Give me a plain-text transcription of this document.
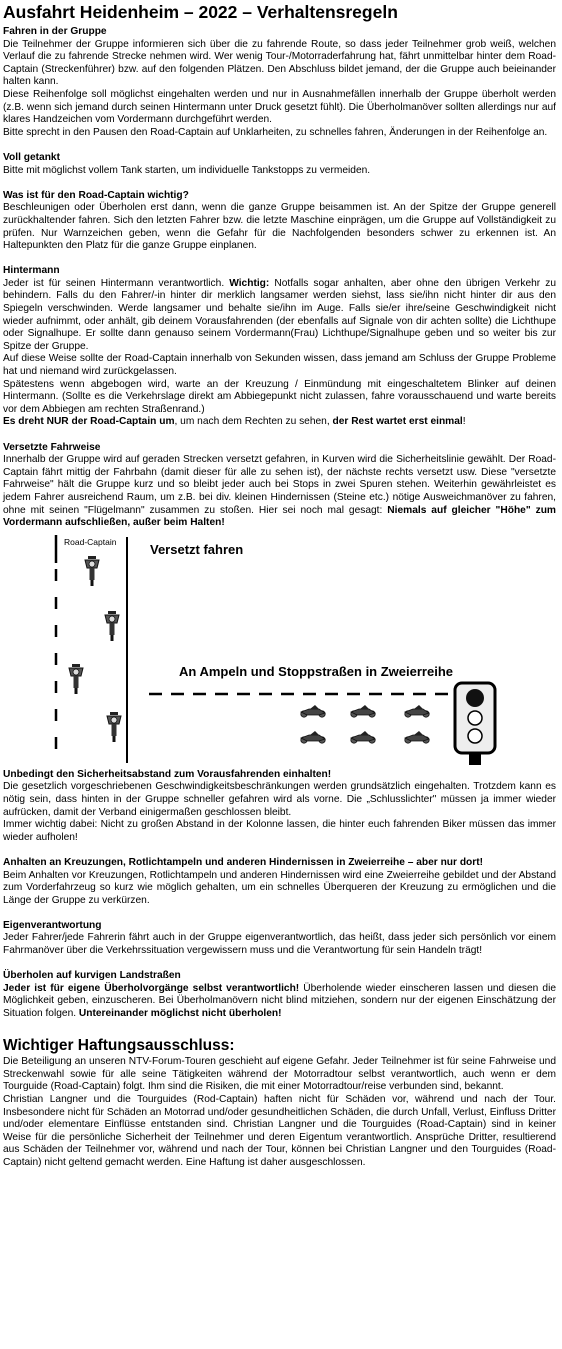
Ausfahrt Heidenheim – 2022 – Verhaltensregeln
Fahren in der Gruppe

Die Teilnehmer der Gruppe informieren sich über die zu fahrende Route, so dass jeder Teilnehmer grob weiß, welchen Verlauf die zu fahrende Strecke nehmen wird. Wer wenig Tour-/Motorraderfahrung hat, fährt unmittelbar hinter dem Road-Captain (Streckenführer) bzw. auf den folgenden Plätzen. Den Abschluss bildet jemand, der die Gruppe auch beieinander halten kann.

Diese Reihenfolge soll möglichst eingehalten werden und nur in Ausnahmefällen innerhalb der Gruppe überholt werden (z.B. wenn sich jemand durch seinen Hintermann unter Druck gesetzt fühlt). Die Überholmanöver sollten allerdings nur auf klares Handzeichen vom Vordermann durchgeführt werden.

Bitte sprecht in den Pausen den Road-Captain auf Unklarheiten, zu schnelles fahren, Änderungen in der Reihenfolge an.

Voll getankt

Bitte mit möglichst vollem Tank starten, um individuelle Tankstopps zu vermeiden.

Was ist für den Road-Captain wichtig?

Beschleunigen oder Überholen erst dann, wenn die ganze Gruppe beisammen ist. An der Spitze der Gruppe generell zurückhaltender fahren. Sich den letzten Fahrer bzw. die letzte Maschine einprägen, um die Gruppe auf Vollständigkeit zu prüfen. Nur Warnzeichen geben, wenn die Gefahr für die Nachfolgenden besonders schwer zu erkennen ist. An Haltepunkten den Platz für die ganze Gruppe einplanen.

Hintermann

Jeder ist für seinen Hintermann verantwortlich. Wichtig: Notfalls sogar anhalten, aber ohne den übrigen Verkehr zu behindern. Falls du den Fahrer/-in hinter dir merklich langsamer werden siehst, lass sie/ihn nicht hinter dir aus den Spiegeln verschwinden. Werde langsamer und behalte sie/ihn im Auge. Falls sie/er ihre/seine Geschwindigkeit nicht wieder aufnimmt, oder anhält, gib deinem Vorausfahrenden (der ebenfalls auf Signale von dir achten sollte) die Lichthupe oder Signalhupe. Er sollte dann genauso seinem Vordermann(Frau) Lichthupe/Signalhupe geben und so weiter bis zur Spitze der Gruppe.

Auf diese Weise sollte der Road-Captain innerhalb von Sekunden wissen, dass jemand am Schluss der Gruppe Probleme hat und niemand wird zurückgelassen.

Spätestens wenn abgebogen wird, warte an der Kreuzung / Einmündung mit eingeschaltetem Blinker auf deinen Hintermann. (Sollte es die Verkehrslage direkt am Abbiegepunkt nicht zulassen, fahre vorausschauend und warte bereits vor dem Abbiegen am rechten Straßenrand.)

Es dreht NUR der Road-Captain um, um nach dem Rechten zu sehen, der Rest wartet erst einmal!

Versetzte Fahrweise

Innerhalb der Gruppe wird auf geraden Strecken versetzt gefahren, in Kurven wird die Sicherheitslinie gewählt. Der Road-Captain fährt mittig der Fahrbahn (damit dieser für alle zu sehen ist), der nächste rechts versetzt usw. Diese "versetzte Fahrweise" hält die Gruppe kurz und so bleibt jeder auch bei Stops in zwei Spuren stehen. Weiterhin gewährleistet es jedem Fahrer ausreichend Raum, um z.B. bei div. kleinen Hindernissen (Steine etc.) nötige Ausweichmanöver zu fahren, ohne mit seinen "Flügelmann" zusammen zu stoßen. Hier sei noch mal gesagt: Niemals auf gleicher "Höhe" zum Vordermann aufschließen, außer beim Halten!

Road-Captain	Versetzt fahren
An Ampeln und Stoppstraßen in Zweierreihe
Unbedingt den Sicherheitsabstand zum Vorausfahrenden einhalten!

Die gesetzlich vorgeschriebenen Geschwindigkeitsbeschränkungen werden grundsätzlich eingehalten. Trotzdem kann es nötig sein, dass hinten in der Gruppe schneller gefahren wird als vorne. Die „Schlusslichter" müssen ja immer wieder aufrücken, damit der Verband einigermaßen geschlossen bleibt.

Immer wichtig dabei: Nicht zu großen Abstand in der Kolonne lassen, die hinter euch fahrenden Biker müssen das immer wieder aufholen!

Anhalten an Kreuzungen, Rotlichtampeln und anderen Hindernissen in Zweierreihe – aber nur dort!

Beim Anhalten vor Kreuzungen, Rotlichtampeln und anderen Hindernissen wird eine Zweierreihe gebildet und der Abstand zum Vorderfahrzeug so kurz wie möglich gehalten, um ein schnelles Überqueren der Kreuzung zu ermöglichen und die Länge der Gruppe zu verkürzen.

Eigenverantwortung

Jeder Fahrer/jede Fahrerin fährt auch in der Gruppe eigenverantwortlich, das heißt, dass jeder sich persönlich vor einem Fahrmanöver über die Verkehrssituation vergewissern muss und die Verantwortung für sein Handeln trägt!

Überholen auf kurvigen Landstraßen

Jeder ist für eigene Überholvorgänge selbst verantwortlich! Überholende wieder einscheren lassen und diesen die Möglichkeit geben, einzuscheren. Bei Überholmanövern nicht blind mitziehen, sondern nur der eigenen Einschätzung der Situation folgen. Untereinander möglichst nicht überholen!

Wichtiger Haftungsausschluss:

Die Beteiligung an unseren NTV-Forum-Touren geschieht auf eigene Gefahr. Jeder Teilnehmer ist für seine Fahrweise und Streckenwahl sowie für alle seine Tätigkeiten während der Motorradtour selbst verantwortlich, auch wenn er dem Tourguide (Road-Captain) folgt. Ihm sind die Risiken, die mit einer Motorradtour/reise verbunden sind, bekannt.

Christian Langner und die Tourguides (Rod-Captain) haften nicht für Schäden vor, während und nach der Tour. Insbesondere nicht für Schäden an Motorrad und/oder gesundheitlichen Schäden, die durch Unfall, Verlust, Einfluss Dritter und/oder elementare Einflüsse entstanden sind. Christian Langner und die Tourguides (Road-Captain) sind in keiner Weise für die persönliche Sicherheit der Teilnehmer und deren Eigentum verantwortlich. Ansprüche Dritter, resultierend aus Schäden der Teilnehmer vor, während und nach der Tour, können bei Christian Langner und den Tourguides (Road-Captain) nicht geltend gemacht werden. Eine Haftung ist daher ausgeschlossen.
